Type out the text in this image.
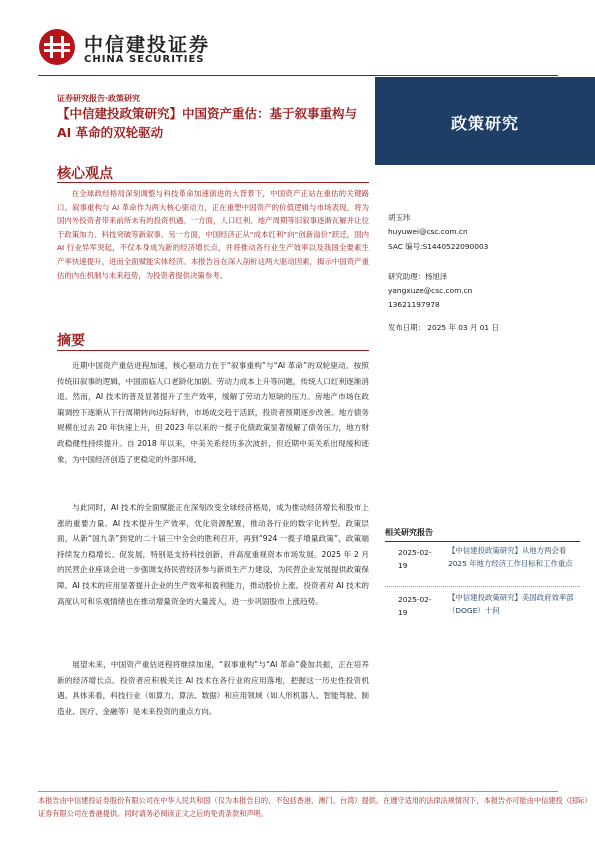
中信建投证券
CHINA SECURITIES
证券研究报告·政策研究
【中信建投政策研究】中国资产重估：基于叙事重构与 AI 革命的双轮驱动	政策研究
核心观点
在全球政经格局深刻调整与科技革命加速演进的大背景下，中国资产正站在重估的关键路口。叙事重构与 AI 革命作为两大核心驱动力，正在重塑中国资产的价值逻辑与市场表现，将为国内外投资者带来前所未有的投资机遇。一方面，人口红利、地产周期等旧叙事逐渐瓦解并让位于政策加力、科技突破等新叙事。另一方面，中国经济正从“成本红利”向“创新溢价”跃迁，国内 AI 行业异军突起，不仅本身成为新的经济增长点，并将推动各行业生产效率以及我国全要素生产率快速提升，进而全面赋能实体经济。本报告旨在深入剖析这两大驱动因素，揭示中国资产重估的内在机制与未来趋势，为投资者提供决策参考。
摘要
近期中国资产重估进程加速，核心驱动力在于“叙事重构”与“AI 革命”的双轮驱动。按照传统旧叙事的逻辑，中国面临人口老龄化加剧、劳动力成本上升等问题，传统人口红利逐渐消退。然而，AI 技术的普及显著提升了生产效率，缓解了劳动力短缺的压力。房地产市场在政策调控下逐渐从下行周期转向边际好转，市场成交趋于活跃，投资者预期逐步改善。地方债务规模在过去 20 年快速上升，但 2023 年以来的一揽子化债政策显著缓解了债务压力，地方财政稳健性持续提升。自 2018 年以来，中美关系经历多次波折，但近期中美关系出现缓和迹象，为中国经济创造了更稳定的外部环境。
与此同时，AI 技术的全面赋能正在深刻改变全球经济格局，成为推动经济增长和股市上涨的重要力量。AI 技术提升生产效率，优化资源配置，推动各行业的数字化转型。政策层面，从新“国九条”到党的二十届三中全会的胜利召开，再到“924 一揽子增量政策”，政策端持续发力稳增长、促发展，特别是支持科技创新，并高度重视资本市场发展。2025 年 2 月的民营企业座谈会进一步强调支持民营经济参与新质生产力建设，为民营企业发展提供政策保障。AI 技术的应用显著提升企业的生产效率和盈利能力，推动股价上涨。投资者对 AI 技术的高度认可和乐观情绪也在推动增量资金的大量流入，进一步巩固股市上涨趋势。
展望未来，中国资产重估进程将继续加速，“叙事重构”与“AI 革命”叠加共振，正在培养新的经济增长点。投资者应积极关注 AI 技术在各行业的应用落地，把握这一历史性投资机遇。具体来看，科技行业（如算力、算法、数据）和应用领域（如人形机器人、智能驾驶、制造业、医疗、金融等）是未来投资的重点方向。
胡玉玮
huyuwei@csc.com.cn
SAC 编号:S1440522090003
研究助理：杨旭泽
yangxuze@csc.com.cn
13621197978
发布日期： 2025 年 03 月 01 日
相关研究报告
2025-02-19
【中信建投政策研究】从地方两会看 2025 年地方经济工作目标和工作重点
2025-02-19
【中信建投政策研究】美国政府效率部（DOGE）十问
本报告由中信建投证券股份有限公司在中华人民共和国（仅为本报告目的，不包括香港、澳门、台湾）提供。在遵守适用的法律法规情况下，本报告亦可能由中信建投（国际）证券有限公司在香港提供。同时请务必阅读正文之后的免责条款和声明。
